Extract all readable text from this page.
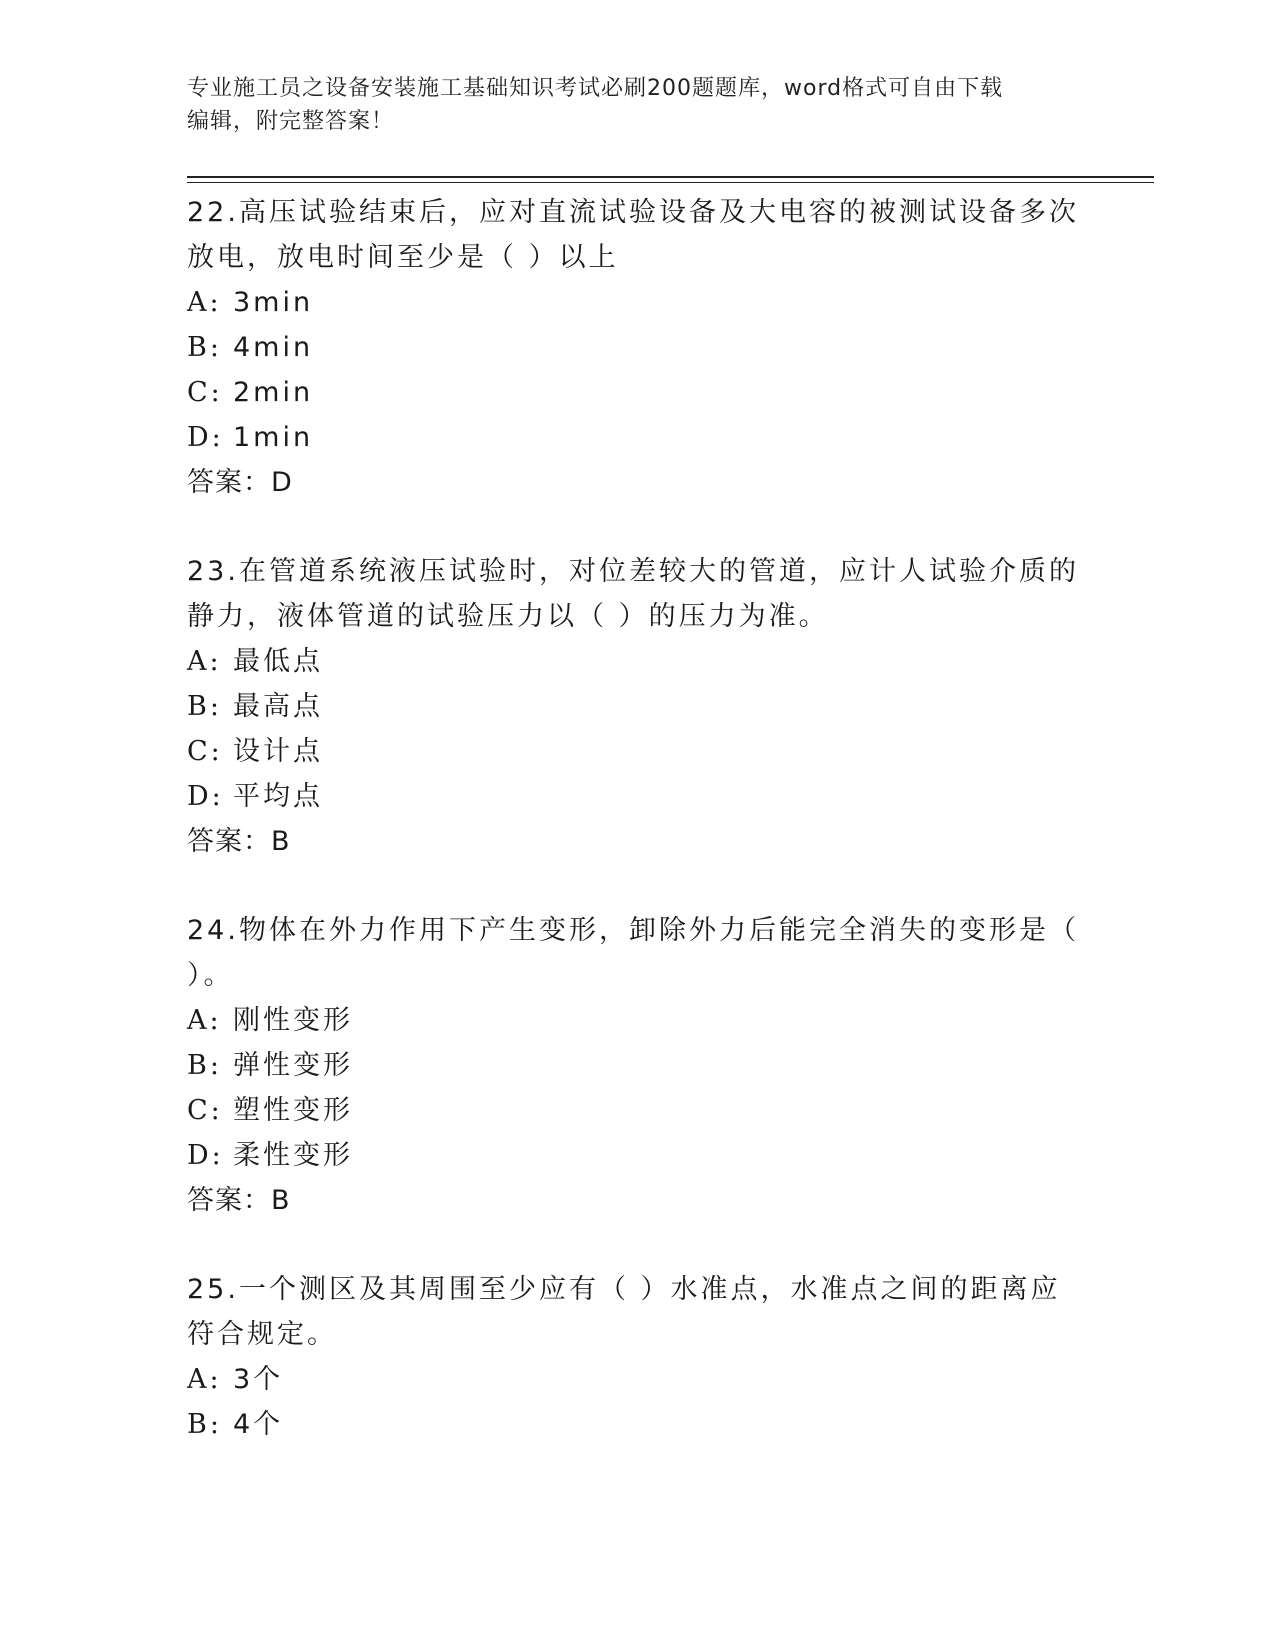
专业施工员之设备安装施工基础知识考试必刷200题题库，word格式可自由下载
编辑，附完整答案！

22.高压试验结束后，应对直流试验设备及大电容的被测试设备多次放电，放电时间至少是（ ）以上

A: 3min

B: 4min

C: 2min

D: 1min

答案：D

23.在管道系统液压试验时，对位差较大的管道，应计人试验介质的静力，液体管道的试验压力以（ ）的压力为准。

A: 最低点

B: 最高点

C: 设计点

D: 平均点

答案：B

24.物体在外力作用下产生变形，卸除外力后能完全消失的变形是（ ）。

A: 刚性变形

B: 弹性变形

C: 塑性变形

D: 柔性变形

答案：B

25.一个测区及其周围至少应有（ ）水准点，水准点之间的距离应符合规定。

A: 3个

B: 4个
